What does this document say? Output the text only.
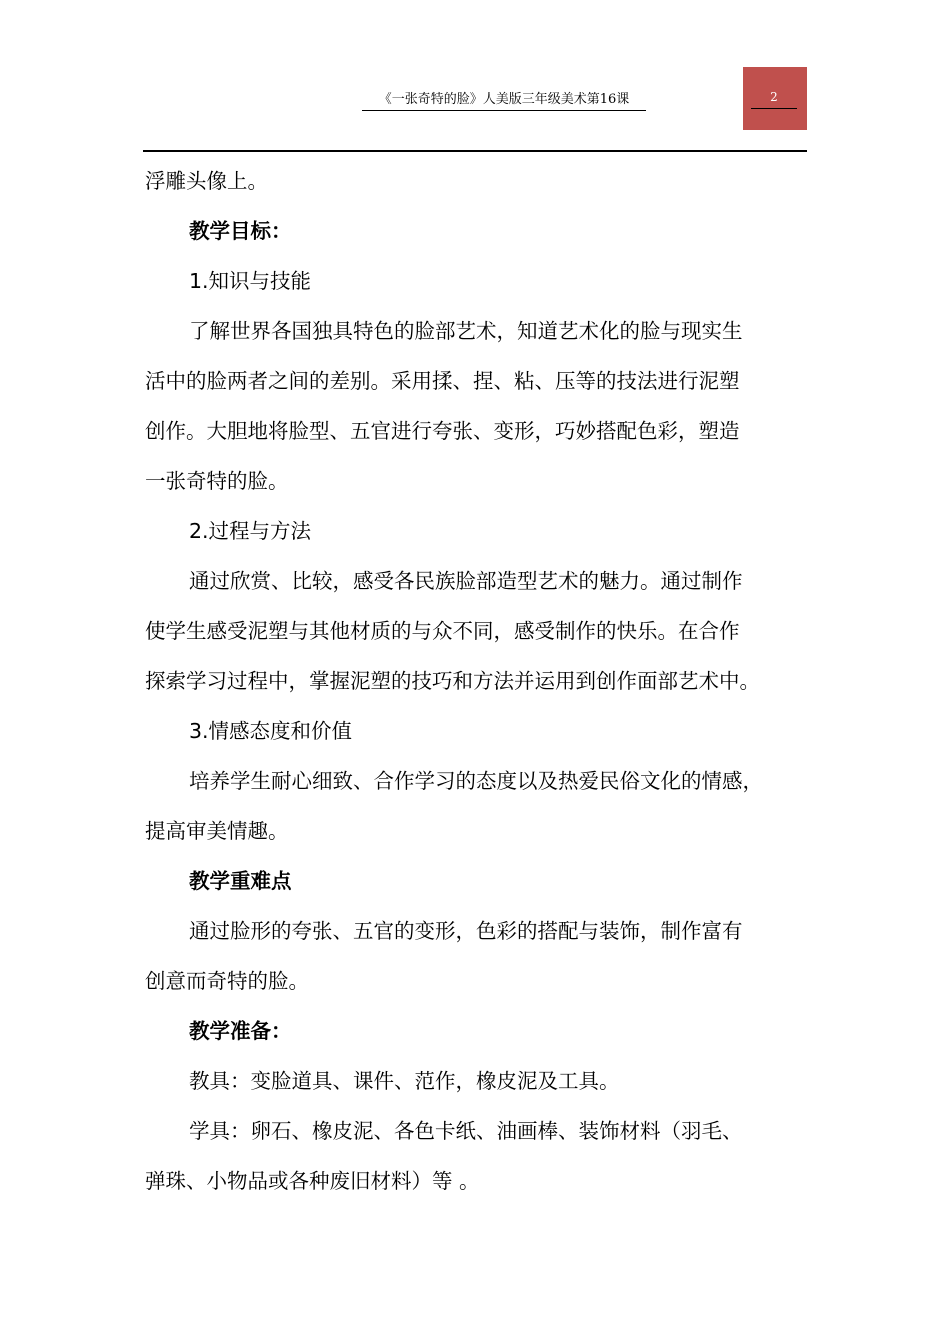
《一张奇特的脸》人美版三年级美术第16课	2

浮雕头像上。

教学目标：

1.知识与技能

了解世界各国独具特色的脸部艺术，知道艺术化的脸与现实生
活中的脸两者之间的差别。采用揉、捏、粘、压等的技法进行泥塑
创作。大胆地将脸型、五官进行夸张、变形，巧妙搭配色彩，塑造
一张奇特的脸。

2.过程与方法

通过欣赏、比较，感受各民族脸部造型艺术的魅力。通过制作
使学生感受泥塑与其他材质的与众不同，感受制作的快乐。在合作
探索学习过程中，掌握泥塑的技巧和方法并运用到创作面部艺术中。

3.情感态度和价值

培养学生耐心细致、合作学习的态度以及热爱民俗文化的情感，
提高审美情趣。

教学重难点

通过脸形的夸张、五官的变形，色彩的搭配与装饰，制作富有
创意而奇特的脸。

教学准备：

教具：变脸道具、课件、范作，橡皮泥及工具。

学具：卵石、橡皮泥、各色卡纸、油画棒、装饰材料（羽毛、
弹珠、小物品或各种废旧材料）等 。
